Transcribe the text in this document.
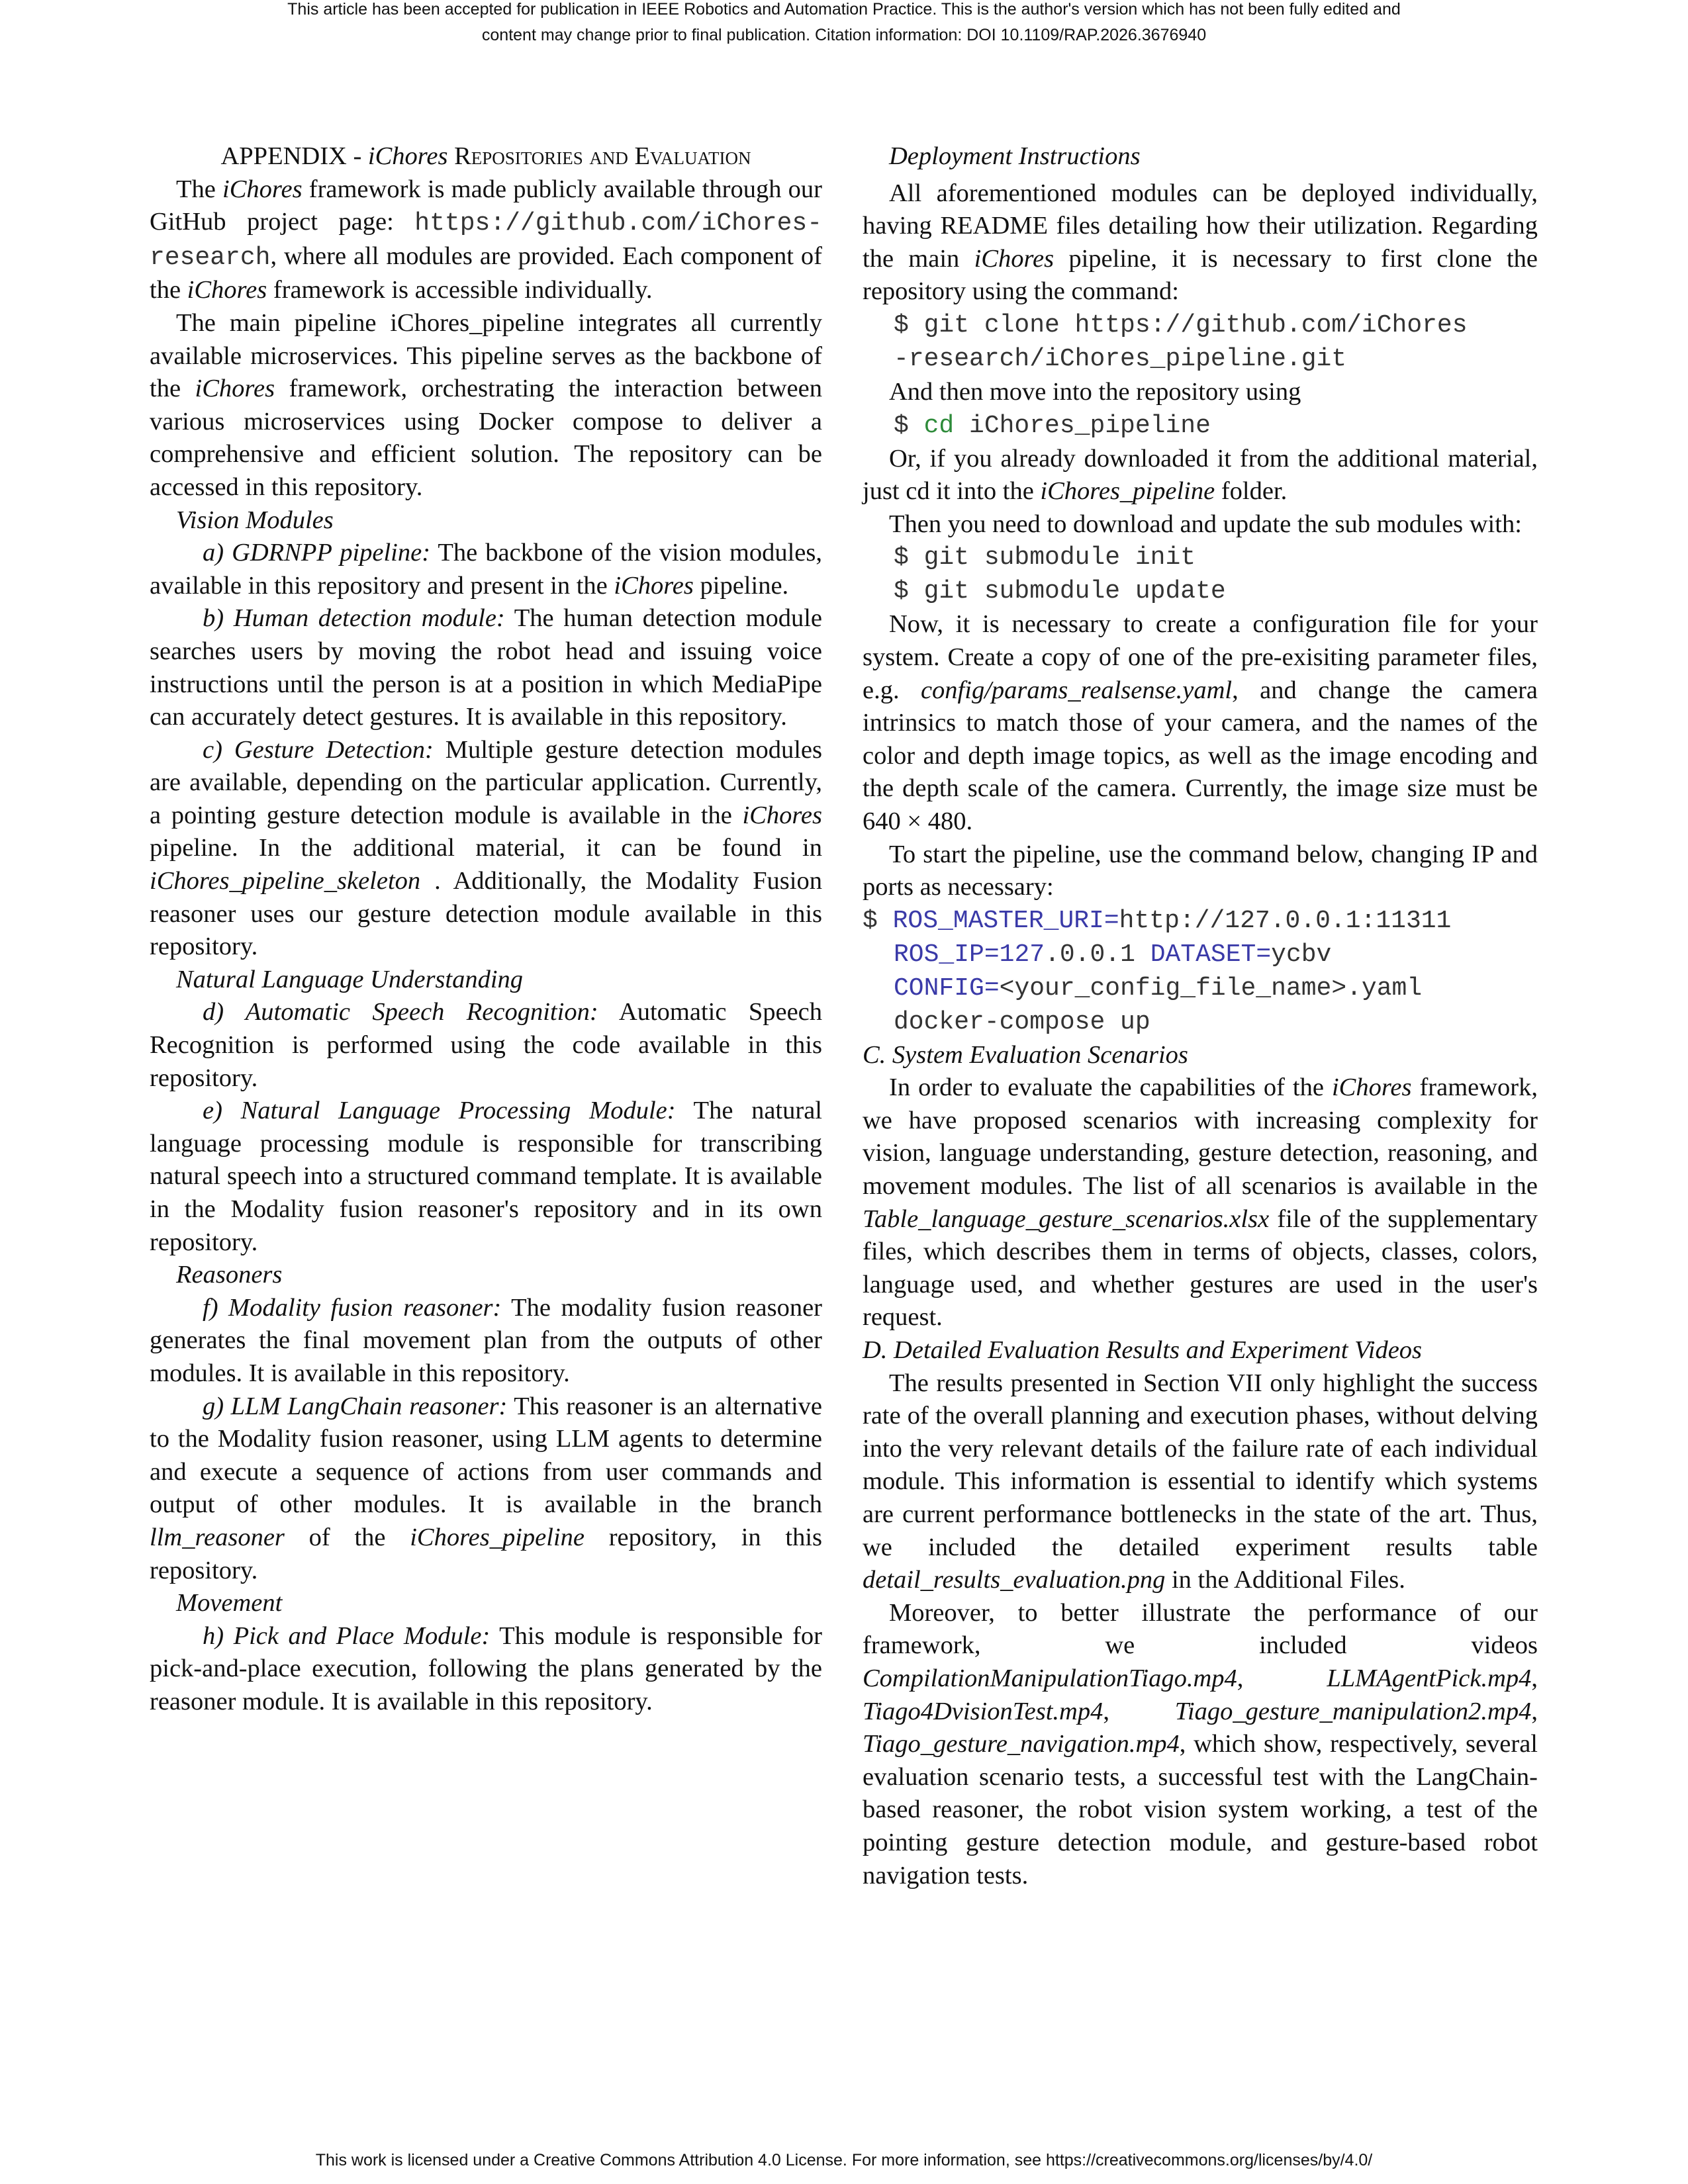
This article has been accepted for publication in IEEE Robotics and Automation Practice. This is the author's version which has not been fully edited and
content may change prior to final publication. Citation information: DOI 10.1109/RAP.2026.3676940

APPENDIX - iChores Repositories and Evaluation

The iChores framework is made publicly available through our GitHub project page: https://github.com/iChores-research, where all modules are provided. Each component of the iChores framework is accessible individually.

The main pipeline iChores_pipeline integrates all currently available microservices. This pipeline serves as the backbone of the iChores framework, orchestrating the interaction between various microservices using Docker compose to deliver a comprehensive and efficient solution. The repository can be accessed in this repository.

Vision Modules

a) GDRNPP pipeline: The backbone of the vision modules, available in this repository and present in the iChores pipeline.

b) Human detection module: The human detection module searches users by moving the robot head and issuing voice instructions until the person is at a position in which MediaPipe can accurately detect gestures. It is available in this repository.

c) Gesture Detection: Multiple gesture detection modules are available, depending on the particular application. Currently, a pointing gesture detection module is available in the iChores pipeline. In the additional material, it can be found in iChores_pipeline_skeleton . Additionally, the Modality Fusion reasoner uses our gesture detection module available in this repository.

Natural Language Understanding

d) Automatic Speech Recognition: Automatic Speech Recognition is performed using the code available in this repository.

e) Natural Language Processing Module: The natural language processing module is responsible for transcribing natural speech into a structured command template. It is available in the Modality fusion reasoner's repository and in its own repository.

Reasoners

f) Modality fusion reasoner: The modality fusion reasoner generates the final movement plan from the outputs of other modules. It is available in this repository.

g) LLM LangChain reasoner: This reasoner is an alternative to the Modality fusion reasoner, using LLM agents to determine and execute a sequence of actions from user commands and output of other modules. It is available in the branch llm_reasoner of the iChores_pipeline repository, in this repository.

Movement

h) Pick and Place Module: This module is responsible for pick-and-place execution, following the plans generated by the reasoner module. It is available in this repository.

Deployment Instructions

All aforementioned modules can be deployed individually, having README files detailing how their utilization. Regarding the main iChores pipeline, it is necessary to first clone the repository using the command:

$ git clone https://github.com/iChores
-research/iChores_pipeline.git

And then move into the repository using

$ cd iChores_pipeline

Or, if you already downloaded it from the additional material, just cd it into the iChores_pipeline folder.

Then you need to download and update the sub modules with:

$ git submodule init
$ git submodule update

Now, it is necessary to create a configuration file for your system. Create a copy of one of the pre-exisiting parameter files, e.g. config/params_realsense.yaml, and change the camera intrinsics to match those of your camera, and the names of the color and depth image topics, as well as the image encoding and the depth scale of the camera. Currently, the image size must be 640 × 480.

To start the pipeline, use the command below, changing IP and ports as necessary:

$ ROS_MASTER_URI=http://127.0.0.1:11311
ROS_IP=127.0.0.1 DATASET=ycbv
CONFIG=<your_config_file_name>.yaml
docker-compose up

C. System Evaluation Scenarios

In order to evaluate the capabilities of the iChores framework, we have proposed scenarios with increasing complexity for vision, language understanding, gesture detection, reasoning, and movement modules. The list of all scenarios is available in the Table_language_gesture_scenarios.xlsx file of the supplementary files, which describes them in terms of objects, classes, colors, language used, and whether gestures are used in the user's request.

D. Detailed Evaluation Results and Experiment Videos

The results presented in Section VII only highlight the success rate of the overall planning and execution phases, without delving into the very relevant details of the failure rate of each individual module. This information is essential to identify which systems are current performance bottlenecks in the state of the art. Thus, we included the detailed experiment results table detail_results_evaluation.png in the Additional Files.

Moreover, to better illustrate the performance of our framework, we included videos CompilationManipulationTiago.mp4, LLMAgentPick.mp4, Tiago4DvisionTest.mp4, Tiago_gesture_manipulation2.mp4, Tiago_gesture_navigation.mp4, which show, respectively, several evaluation scenario tests, a successful test with the LangChain-based reasoner, the robot vision system working, a test of the pointing gesture detection module, and gesture-based robot navigation tests.

This work is licensed under a Creative Commons Attribution 4.0 License. For more information, see https://creativecommons.org/licenses/by/4.0/
